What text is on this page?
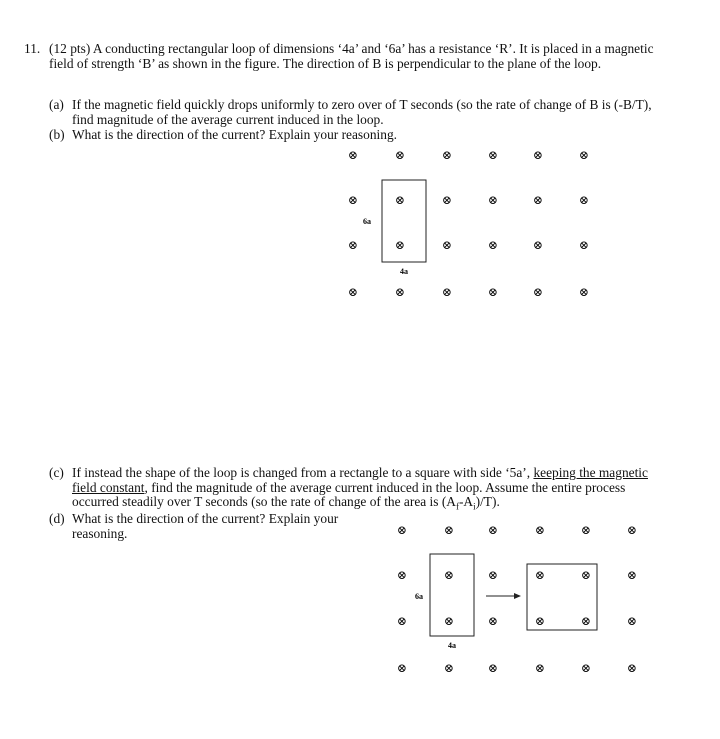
11. (12 pts) A conducting rectangular loop of dimensions ‘4a’ and ‘6a’ has a resistance ‘R’. It is placed in a magnetic field of strength ‘B’ as shown in the figure. The direction of B is perpendicular to the plane of the loop.
(a) If the magnetic field quickly drops uniformly to zero over of T seconds (so the rate of change of B is (-B/T), find magnitude of the average current induced in the loop.
(b) What is the direction of the current? Explain your reasoning.
⊗	⊗	⊗	⊗	⊗	⊗
⊗	⊗	⊗	⊗	⊗	⊗
⊗	⊗	⊗	⊗	⊗	⊗
⊗	⊗	⊗	⊗	⊗	⊗
6a
4a
⊗	⊗	⊗	⊗	⊗	⊗
⊗	⊗	⊗	⊗	⊗	⊗
⊗	⊗	⊗	⊗	⊗	⊗
⊗	⊗	⊗	⊗	⊗	⊗
6a
4a
(c) If instead the shape of the loop is changed from a rectangle to a square with side ‘5a’, keeping the magnetic field constant, find the magnitude of the average current induced in the loop. Assume the entire process occurred steadily over T seconds (so the rate of change of the area is $(A_f-A_i)/T$).
(d) What is the direction of the current? Explain your reasoning.
